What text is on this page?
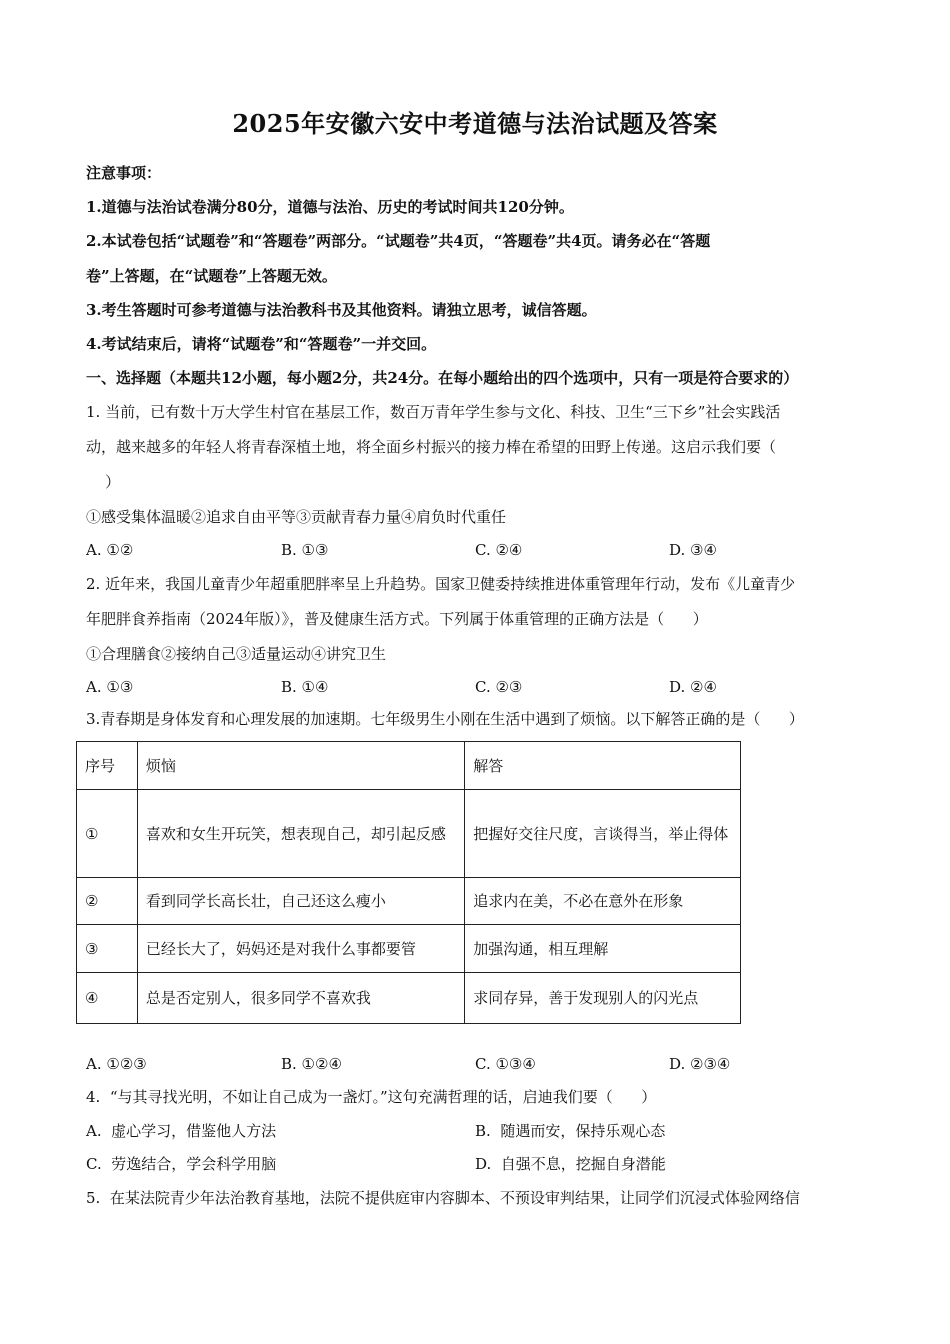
2025年安徽六安中考道德与法治试题及答案
注意事项：
1.道德与法治试卷满分80分，道德与法治、历史的考试时间共120分钟。
2.本试卷包括“试题卷”和“答题卷”两部分。“试题卷”共4页，“答题卷”共4页。请务必在“答题
卷”上答题，在“试题卷”上答题无效。
3.考生答题时可参考道德与法治教科书及其他资料。请独立思考，诚信答题。
4.考试结束后，请将“试题卷”和“答题卷”一并交回。
一、选择题（本题共12小题，每小题2分，共24分。在每小题给出的四个选项中，只有一项是符合要求的）
1. 当前，已有数十万大学生村官在基层工作，数百万青年学生参与文化、科技、卫生“三下乡”社会实践活
动，越来越多的年轻人将青春深植土地，将全面乡村振兴的接力棒在希望的田野上传递。这启示我们要（
）
①感受集体温暖②追求自由平等③贡献青春力量④肩负时代重任
A. ①②	B. ①③	C. ②④	D. ③④
2. 近年来，我国儿童青少年超重肥胖率呈上升趋势。国家卫健委持续推进体重管理年行动，发布《儿童青少
年肥胖食养指南（2024年版）》，普及健康生活方式。下列属于体重管理的正确方法是（      ）
①合理膳食②接纳自己③适量运动④讲究卫生
A. ①③	B. ①④	C. ②③	D. ②④
3.青春期是身体发育和心理发展的加速期。七年级男生小刚在生活中遇到了烦恼。以下解答正确的是（      ）
序号	烦恼	解答
①	喜欢和女生开玩笑，想表现自己，却引起反感	把握好交往尺度，言谈得当，举止得体
②	看到同学长高长壮，自己还这么瘦小	追求内在美，不必在意外在形象
③	已经长大了，妈妈还是对我什么事都要管	加强沟通，相互理解
④	总是否定别人，很多同学不喜欢我	求同存异，善于发现别人的闪光点
A. ①②③	B. ①②④	C. ①③④	D. ②③④
4.  “与其寻找光明，不如让自己成为一盏灯。”这句充满哲理的话，启迪我们要（      ）
A.  虚心学习，借鉴他人方法	B.  随遇而安，保持乐观心态
C.  劳逸结合，学会科学用脑	D.  自强不息，挖掘自身潜能
5.  在某法院青少年法治教育基地，法院不提供庭审内容脚本、不预设审判结果，让同学们沉浸式体验网络信
